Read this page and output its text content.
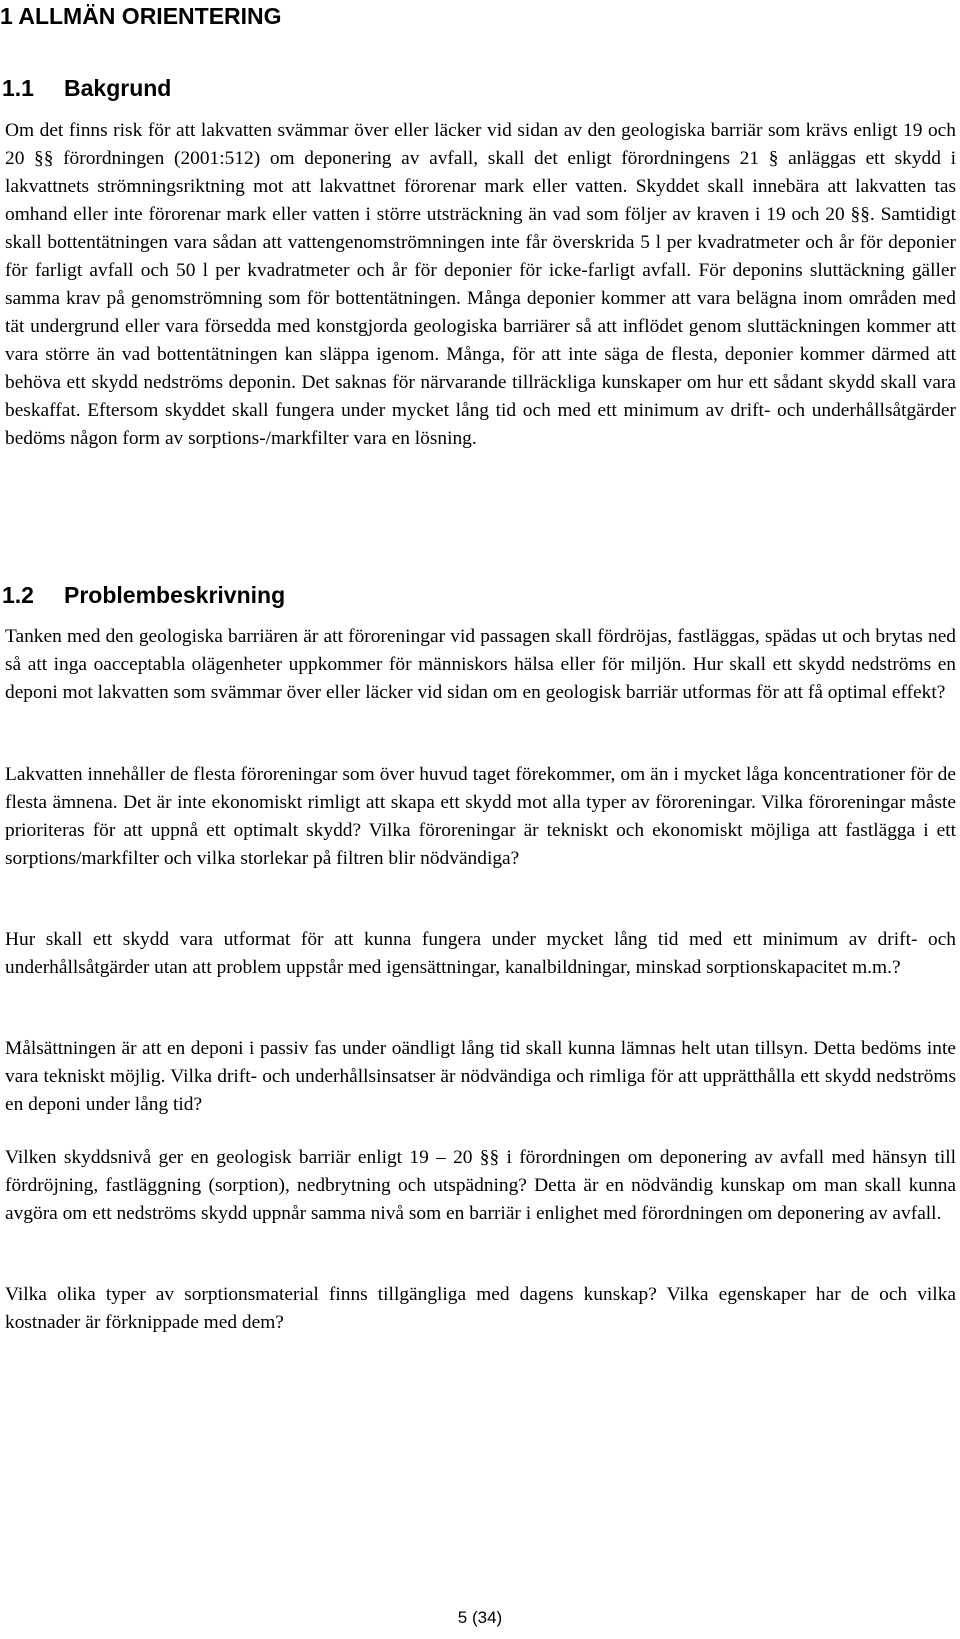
1 ALLMÄN ORIENTERING
1.1 Bakgrund

Om det finns risk för att lakvatten svämmar över eller läcker vid sidan av den geologiska barriär som krävs enligt 19 och 20 §§ förordningen (2001:512) om deponering av avfall, skall det enligt förordningens 21 § anläggas ett skydd i lakvattnets strömningsriktning mot att lakvattnet förorenar mark eller vatten. Skyddet skall innebära att lakvatten tas omhand eller inte förorenar mark eller vatten i större utsträckning än vad som följer av kraven i 19 och 20 §§. Samtidigt skall bottentätningen vara sådan att vattengenomströmningen inte får överskrida 5 l per kvadratmeter och år för deponier för farligt avfall och 50 l per kvadratmeter och år för deponier för icke-farligt avfall. För deponins sluttäckning gäller samma krav på genomströmning som för bottentätningen. Många deponier kommer att vara belägna inom områden med tät undergrund eller vara försedda med konstgjorda geologiska barriärer så att inflödet genom sluttäckningen kommer att vara större än vad bottentätningen kan släppa igenom. Många, för att inte säga de flesta, deponier kommer därmed att behöva ett skydd nedströms deponin. Det saknas för närvarande tillräckliga kunskaper om hur ett sådant skydd skall vara beskaffat. Eftersom skyddet skall fungera under mycket lång tid och med ett minimum av drift- och underhållsåtgärder bedöms någon form av sorptions-/markfilter vara en lösning.

1.2 Problembeskrivning

Tanken med den geologiska barriären är att föroreningar vid passagen skall fördröjas, fastläggas, spädas ut och brytas ned så att inga oacceptabla olägenheter uppkommer för människors hälsa eller för miljön. Hur skall ett skydd nedströms en deponi mot lakvatten som svämmar över eller läcker vid sidan om en geologisk barriär utformas för att få optimal effekt?

Lakvatten innehåller de flesta föroreningar som över huvud taget förekommer, om än i mycket låga koncentrationer för de flesta ämnena. Det är inte ekonomiskt rimligt att skapa ett skydd mot alla typer av föroreningar. Vilka föroreningar måste prioriteras för att uppnå ett optimalt skydd? Vilka föroreningar är tekniskt och ekonomiskt möjliga att fastlägga i ett sorptions/markfilter och vilka storlekar på filtren blir nödvändiga?

Hur skall ett skydd vara utformat för att kunna fungera under mycket lång tid med ett minimum av drift- och underhållsåtgärder utan att problem uppstår med igensättningar, kanalbildningar, minskad sorptionskapacitet m.m.?

Målsättningen är att en deponi i passiv fas under oändligt lång tid skall kunna lämnas helt utan tillsyn. Detta bedöms inte vara tekniskt möjlig. Vilka drift- och underhållsinsatser är nödvändiga och rimliga för att upprätthålla ett skydd nedströms en deponi under lång tid?

Vilken skyddsnivå ger en geologisk barriär enligt 19 – 20 §§ i förordningen om deponering av avfall med hänsyn till fördröjning, fastläggning (sorption), nedbrytning och utspädning? Detta är en nödvändig kunskap om man skall kunna avgöra om ett nedströms skydd uppnår samma nivå som en barriär i enlighet med förordningen om deponering av avfall.

Vilka olika typer av sorptionsmaterial finns tillgängliga med dagens kunskap? Vilka egenskaper har de och vilka kostnader är förknippade med dem?

5 (34)
